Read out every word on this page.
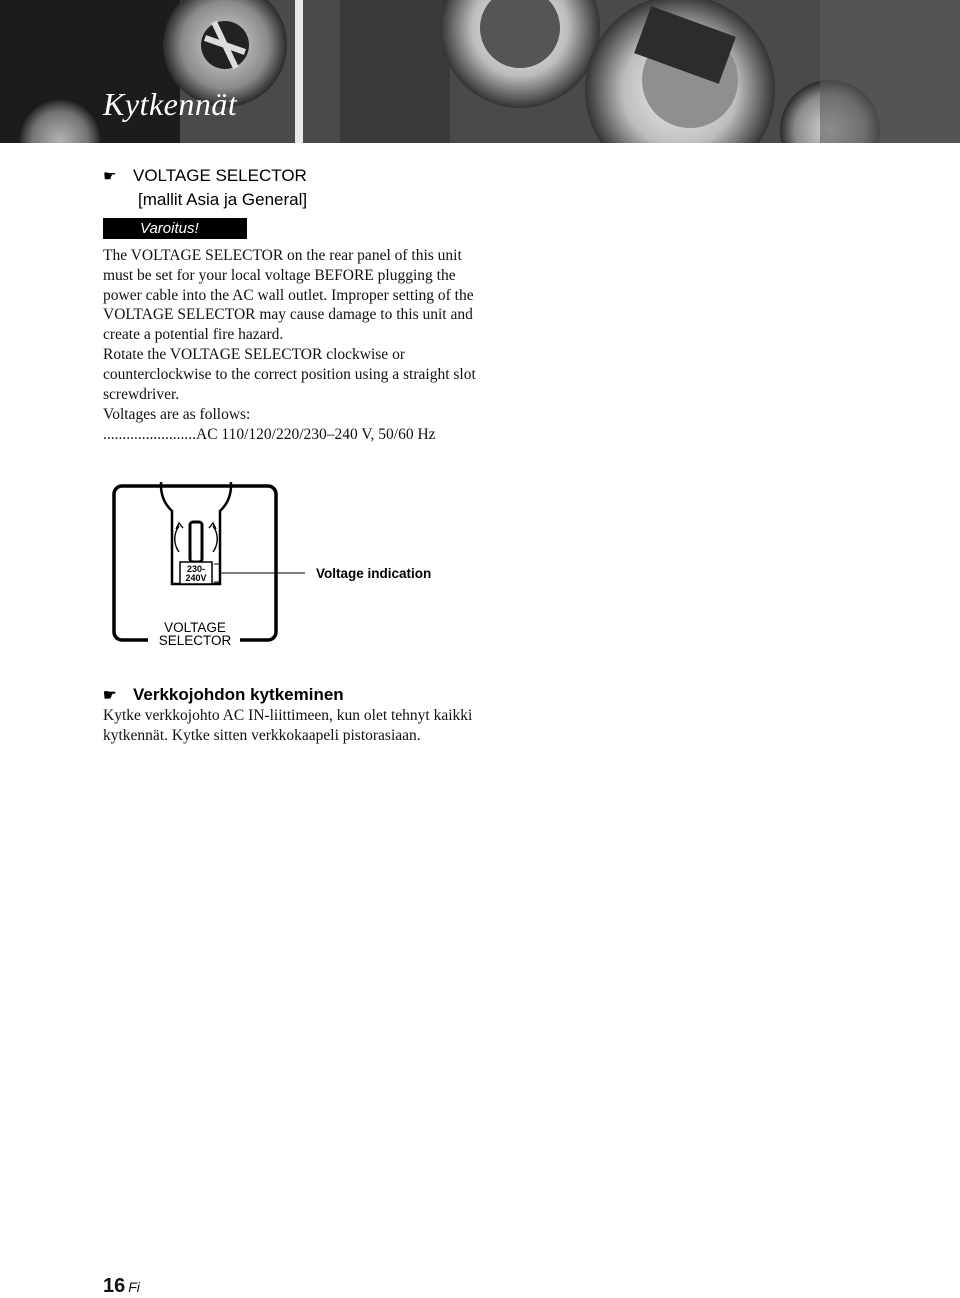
Kytkennät
☛ VOLTAGE SELECTOR
[mallit Asia ja General]
Varoitus!

The VOLTAGE SELECTOR on the rear panel of this unit must be set for your local voltage BEFORE plugging the power cable into the AC wall outlet. Improper setting of the VOLTAGE SELECTOR may cause damage to this unit and create a potential fire hazard.

Rotate the VOLTAGE SELECTOR clockwise or counterclockwise to the correct position using a straight slot screwdriver.

Voltages are as follows:

........................AC 110/120/220/230–240 V, 50/60 Hz

230-
240V	Voltage indication
VOLTAGE
SELECTOR
☛ Verkkojohdon kytkeminen

Kytke verkkojohto AC IN-liittimeen, kun olet tehnyt kaikki kytkennät. Kytke sitten verkkokaapeli pistorasiaan.

16 Fi
